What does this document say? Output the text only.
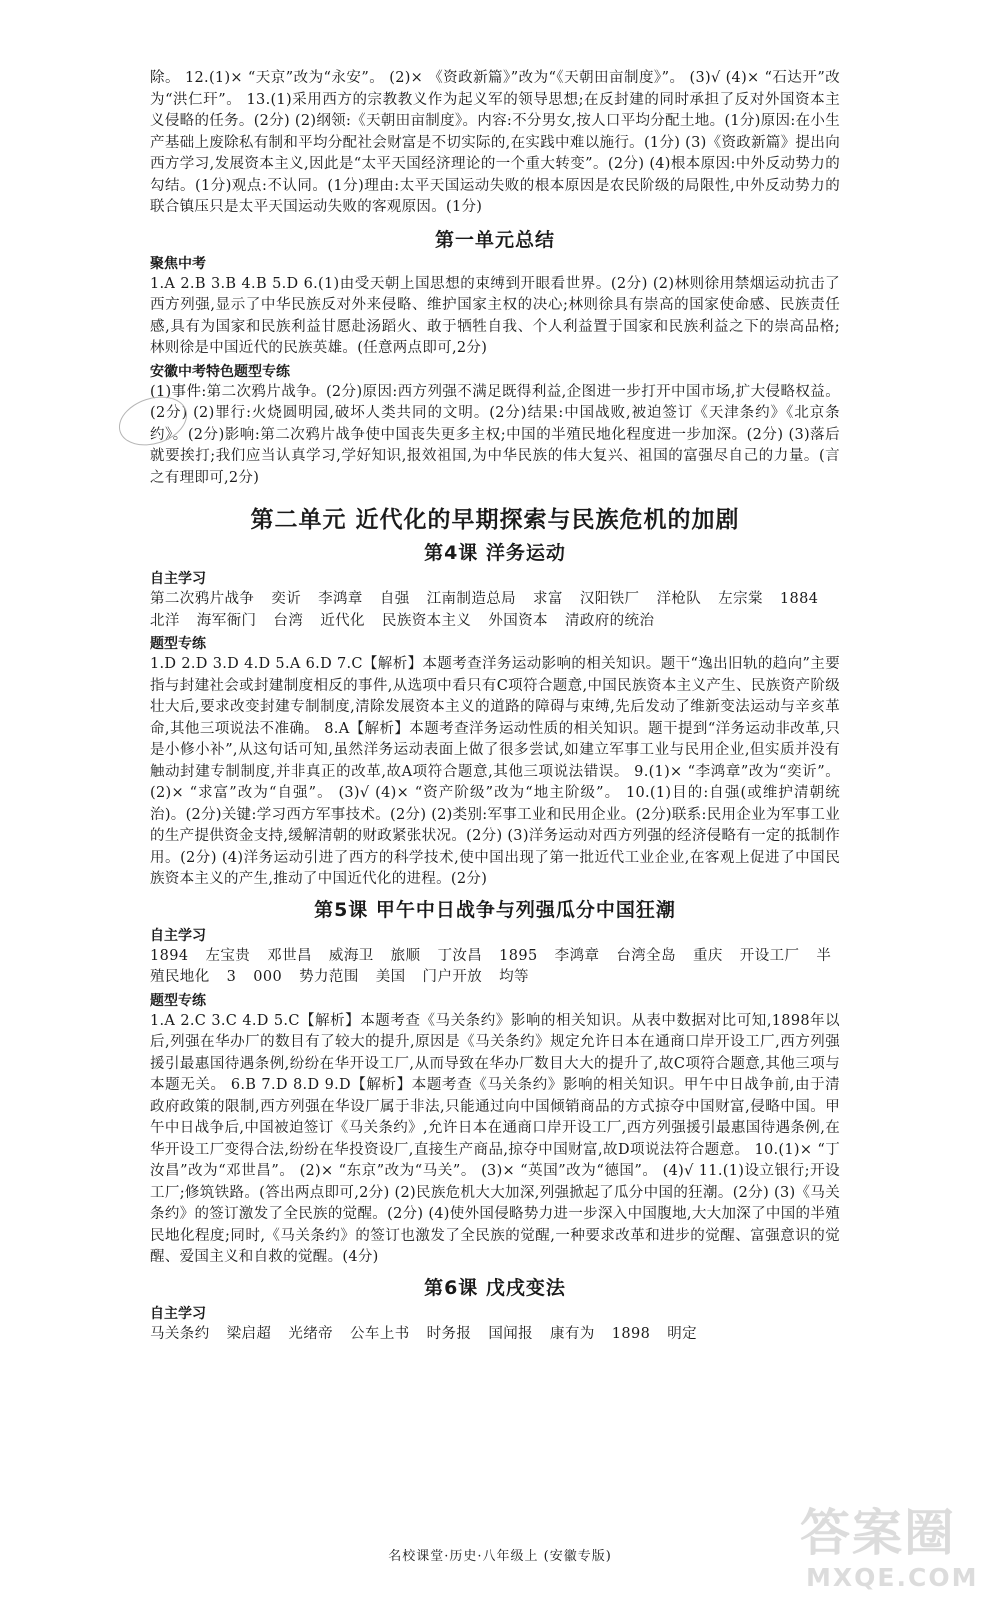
除。 12.(1)× “天京”改为“永安”。 (2)× 《资政新篇》”改为“《天朝田亩制度》”。 (3)√ (4)× “石达开”改为“洪仁玕”。 13.(1)采用西方的宗教教义作为起义军的领导思想;在反封建的同时承担了反对外国资本主义侵略的任务。(2分) (2)纲领:《天朝田亩制度》。内容:不分男女,按人口平均分配土地。(1分)原因:在小生产基础上废除私有制和平均分配社会财富是不切实际的,在实践中难以施行。(1分) (3)《资政新篇》提出向西方学习,发展资本主义,因此是“太平天国经济理论的一个重大转变”。(2分) (4)根本原因:中外反动势力的勾结。(1分)观点:不认同。(1分)理由:太平天国运动失败的根本原因是农民阶级的局限性,中外反动势力的联合镇压只是太平天国运动失败的客观原因。(1分)

第一单元总结
聚焦中考

1.A 2.B 3.B 4.B 5.D 6.(1)由受天朝上国思想的束缚到开眼看世界。(2分) (2)林则徐用禁烟运动抗击了西方列强,显示了中华民族反对外来侵略、维护国家主权的决心;林则徐具有崇高的国家使命感、民族责任感,具有为国家和民族利益甘愿赴汤蹈火、敢于牺牲自我、个人利益置于国家和民族利益之下的崇高品格;林则徐是中国近代的民族英雄。(任意两点即可,2分)

安徽中考特色题型专练

(1)事件:第二次鸦片战争。(2分)原因:西方列强不满足既得利益,企图进一步打开中国市场,扩大侵略权益。(2分) (2)罪行:火烧圆明园,破坏人类共同的文明。(2分)结果:中国战败,被迫签订《天津条约》《北京条约》。(2分)影响:第二次鸦片战争使中国丧失更多主权;中国的半殖民地化程度进一步加深。(2分) (3)落后就要挨打;我们应当认真学习,学好知识,报效祖国,为中华民族的伟大复兴、祖国的富强尽自己的力量。(言之有理即可,2分)

第二单元 近代化的早期探索与民族危机的加剧
第4课 洋务运动
自主学习

第二次鸦片战争 奕䜣 李鸿章 自强 江南制造总局 求富 汉阳铁厂 洋枪队 左宗棠 1884 北洋 海军衙门 台湾 近代化 民族资本主义 外国资本 清政府的统治

题型专练

1.D 2.D 3.D 4.D 5.A 6.D 7.C【解析】本题考查洋务运动影响的相关知识。题干“逸出旧轨的趋向”主要指与封建社会或封建制度相反的事件,从选项中看只有C项符合题意,中国民族资本主义产生、民族资产阶级壮大后,要求改变封建专制制度,清除发展资本主义的道路的障碍与束缚,先后发动了维新变法运动与辛亥革命,其他三项说法不准确。 8.A【解析】本题考查洋务运动性质的相关知识。题干提到“洋务运动非改革,只是小修小补”,从这句话可知,虽然洋务运动表面上做了很多尝试,如建立军事工业与民用企业,但实质并没有触动封建专制制度,并非真正的改革,故A项符合题意,其他三项说法错误。 9.(1)× “李鸿章”改为“奕䜣”。 (2)× “求富”改为“自强”。 (3)√ (4)× “资产阶级”改为“地主阶级”。 10.(1)目的:自强(或维护清朝统治)。(2分)关键:学习西方军事技术。(2分) (2)类别:军事工业和民用企业。(2分)联系:民用企业为军事工业的生产提供资金支持,缓解清朝的财政紧张状况。(2分) (3)洋务运动对西方列强的经济侵略有一定的抵制作用。(2分) (4)洋务运动引进了西方的科学技术,使中国出现了第一批近代工业企业,在客观上促进了中国民族资本主义的产生,推动了中国近代化的进程。(2分)

第5课 甲午中日战争与列强瓜分中国狂潮
自主学习

1894 左宝贵 邓世昌 威海卫 旅顺 丁汝昌 1895 李鸿章 台湾全岛 重庆 开设工厂 半殖民地化 3 000 势力范围 美国 门户开放 均等

题型专练

1.A 2.C 3.C 4.D 5.C【解析】本题考查《马关条约》影响的相关知识。从表中数据对比可知,1898年以后,列强在华办厂的数目有了较大的提升,原因是《马关条约》规定允许日本在通商口岸开设工厂,西方列强援引最惠国待遇条例,纷纷在华开设工厂,从而导致在华办厂数目大大的提升了,故C项符合题意,其他三项与本题无关。 6.B 7.D 8.D 9.D【解析】本题考查《马关条约》影响的相关知识。甲午中日战争前,由于清政府政策的限制,西方列强在华设厂属于非法,只能通过向中国倾销商品的方式掠夺中国财富,侵略中国。甲午中日战争后,中国被迫签订《马关条约》,允许日本在通商口岸开设工厂,西方列强援引最惠国待遇条例,在华开设工厂变得合法,纷纷在华投资设厂,直接生产商品,掠夺中国财富,故D项说法符合题意。 10.(1)× “丁汝昌”改为“邓世昌”。 (2)× “东京”改为“马关”。 (3)× “英国”改为“德国”。 (4)√ 11.(1)设立银行;开设工厂;修筑铁路。(答出两点即可,2分) (2)民族危机大大加深,列强掀起了瓜分中国的狂潮。(2分) (3)《马关条约》的签订激发了全民族的觉醒。(2分) (4)使外国侵略势力进一步深入中国腹地,大大加深了中国的半殖民地化程度;同时,《马关条约》的签订也激发了全民族的觉醒,一种要求改革和进步的觉醒、富强意识的觉醒、爱国主义和自救的觉醒。(4分)

第6课 戊戌变法
自主学习

马关条约 梁启超 光绪帝 公车上书 时务报 国闻报 康有为 1898 明定

名校课堂·历史·八年级上 (安徽专版)	答案圈
MXQE.COM
